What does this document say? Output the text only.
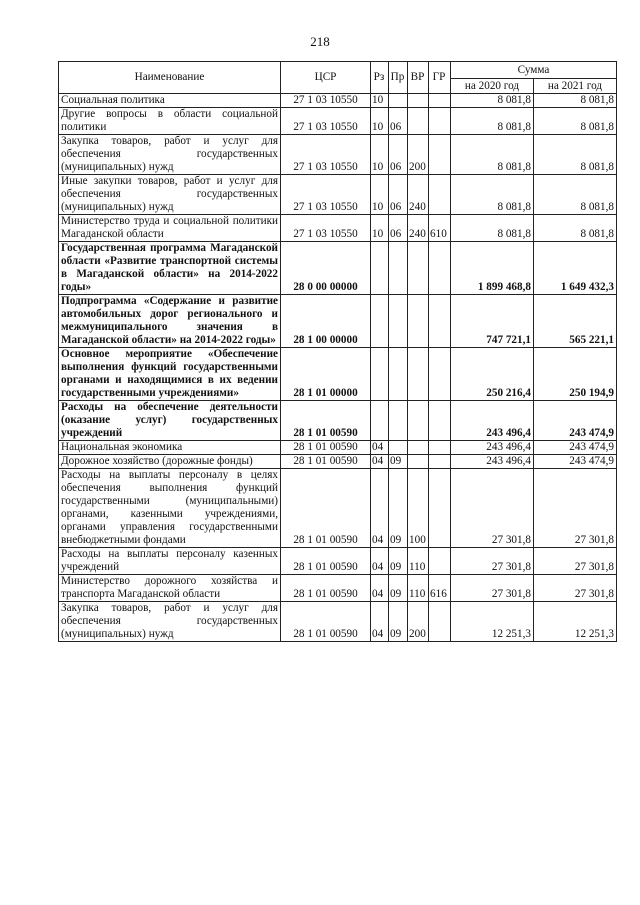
218
Наименование	ЦСР	Рз	Пр	ВР	ГР	Сумма	
						на 2020 год	на 2021 год
Социальная политика	27 1 03 10550	10				8 081,8	8 081,8
Другие вопросы в области социальной политики	27 1 03 10550	10	06			8 081,8	8 081,8
Закупка товаров, работ и услуг для обеспечения государственных (муниципальных) нужд	27 1 03 10550	10	06	200		8 081,8	8 081,8
Иные закупки товаров, работ и услуг для обеспечения государственных (муниципальных) нужд	27 1 03 10550	10	06	240		8 081,8	8 081,8
Министерство труда и социальной политики Магаданской области	27 1 03 10550	10	06	240	610	8 081,8	8 081,8
Государственная программа Магаданской области «Развитие транспортной системы в Магаданской области» на 2014-2022 годы»	28 0 00 00000					1 899 468,8	1 649 432,3
Подпрограмма «Содержание и развитие автомобильных дорог регионального и межмуниципального значения в Магаданской области» на 2014-2022 годы»	28 1 00 00000					747 721,1	565 221,1
Основное мероприятие «Обеспечение выполнения функций государственными органами и находящимися в их ведении государственными учреждениями»	28 1 01 00000					250 216,4	250 194,9
Расходы на обеспечение деятельности (оказание услуг) государственных учреждений	28 1 01 00590					243 496,4	243 474,9
Национальная экономика	28 1 01 00590	04				243 496,4	243 474,9
Дорожное хозяйство (дорожные фонды)	28 1 01 00590	04	09			243 496,4	243 474,9
Расходы на выплаты персоналу в целях обеспечения выполнения функций государственными (муниципальными) органами, казенными учреждениями, органами управления государственными внебюджетными фондами	28 1 01 00590	04	09	100		27 301,8	27 301,8
Расходы на выплаты персоналу казенных учреждений	28 1 01 00590	04	09	110		27 301,8	27 301,8
Министерство дорожного хозяйства и транспорта Магаданской области	28 1 01 00590	04	09	110	616	27 301,8	27 301,8
Закупка товаров, работ и услуг для обеспечения государственных (муниципальных) нужд	28 1 01 00590	04	09	200		12 251,3	12 251,3
